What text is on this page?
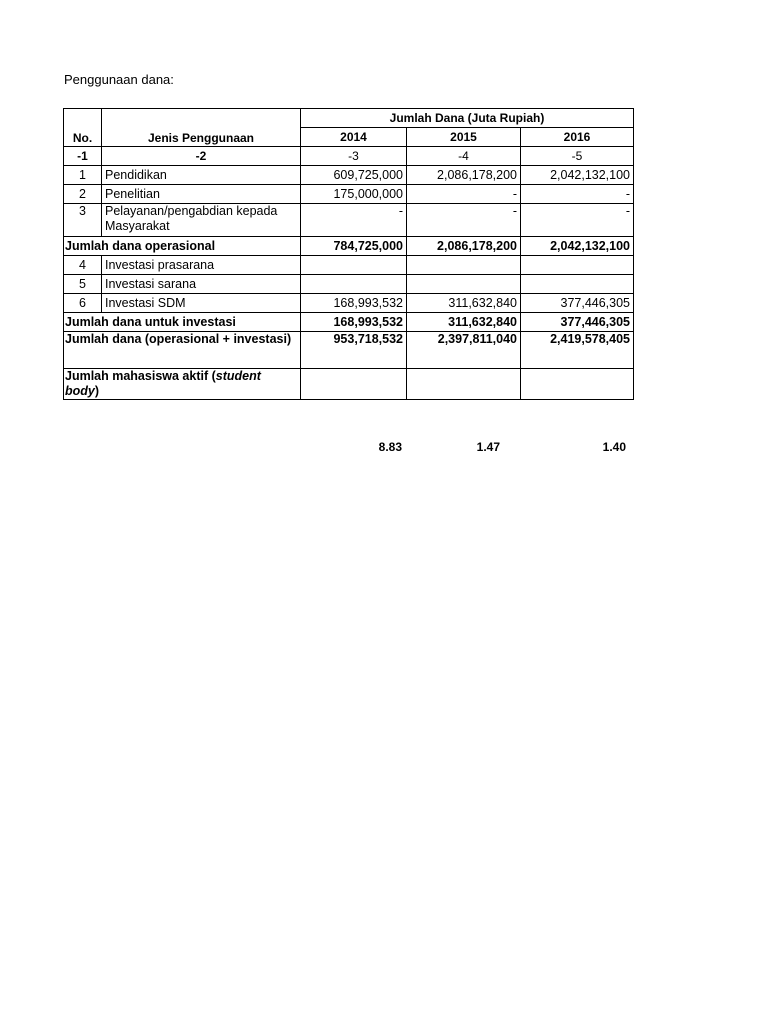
Penggunaan dana:
No.	Jenis Penggunaan	Jumlah Dana (Juta Rupiah)		
		2014	2015	2016
-1	-2	-3	-4	-5
1	Pendidikan	609,725,000	2,086,178,200	2,042,132,100
2	Penelitian	175,000,000	-	-
3	Pelayanan/pengabdian kepada Masyarakat	-	-	-
Jumlah dana operasional		784,725,000	2,086,178,200	2,042,132,100
4	Investasi prasarana			
5	Investasi sarana			
6	Investasi SDM	168,993,532	311,632,840	377,446,305
Jumlah dana untuk investasi		168,993,532	311,632,840	377,446,305
Jumlah dana (operasional + investasi)		953,718,532	2,397,811,040	2,419,578,405
Jumlah mahasiswa aktif (student body)				
8.83	1.47	1.40
